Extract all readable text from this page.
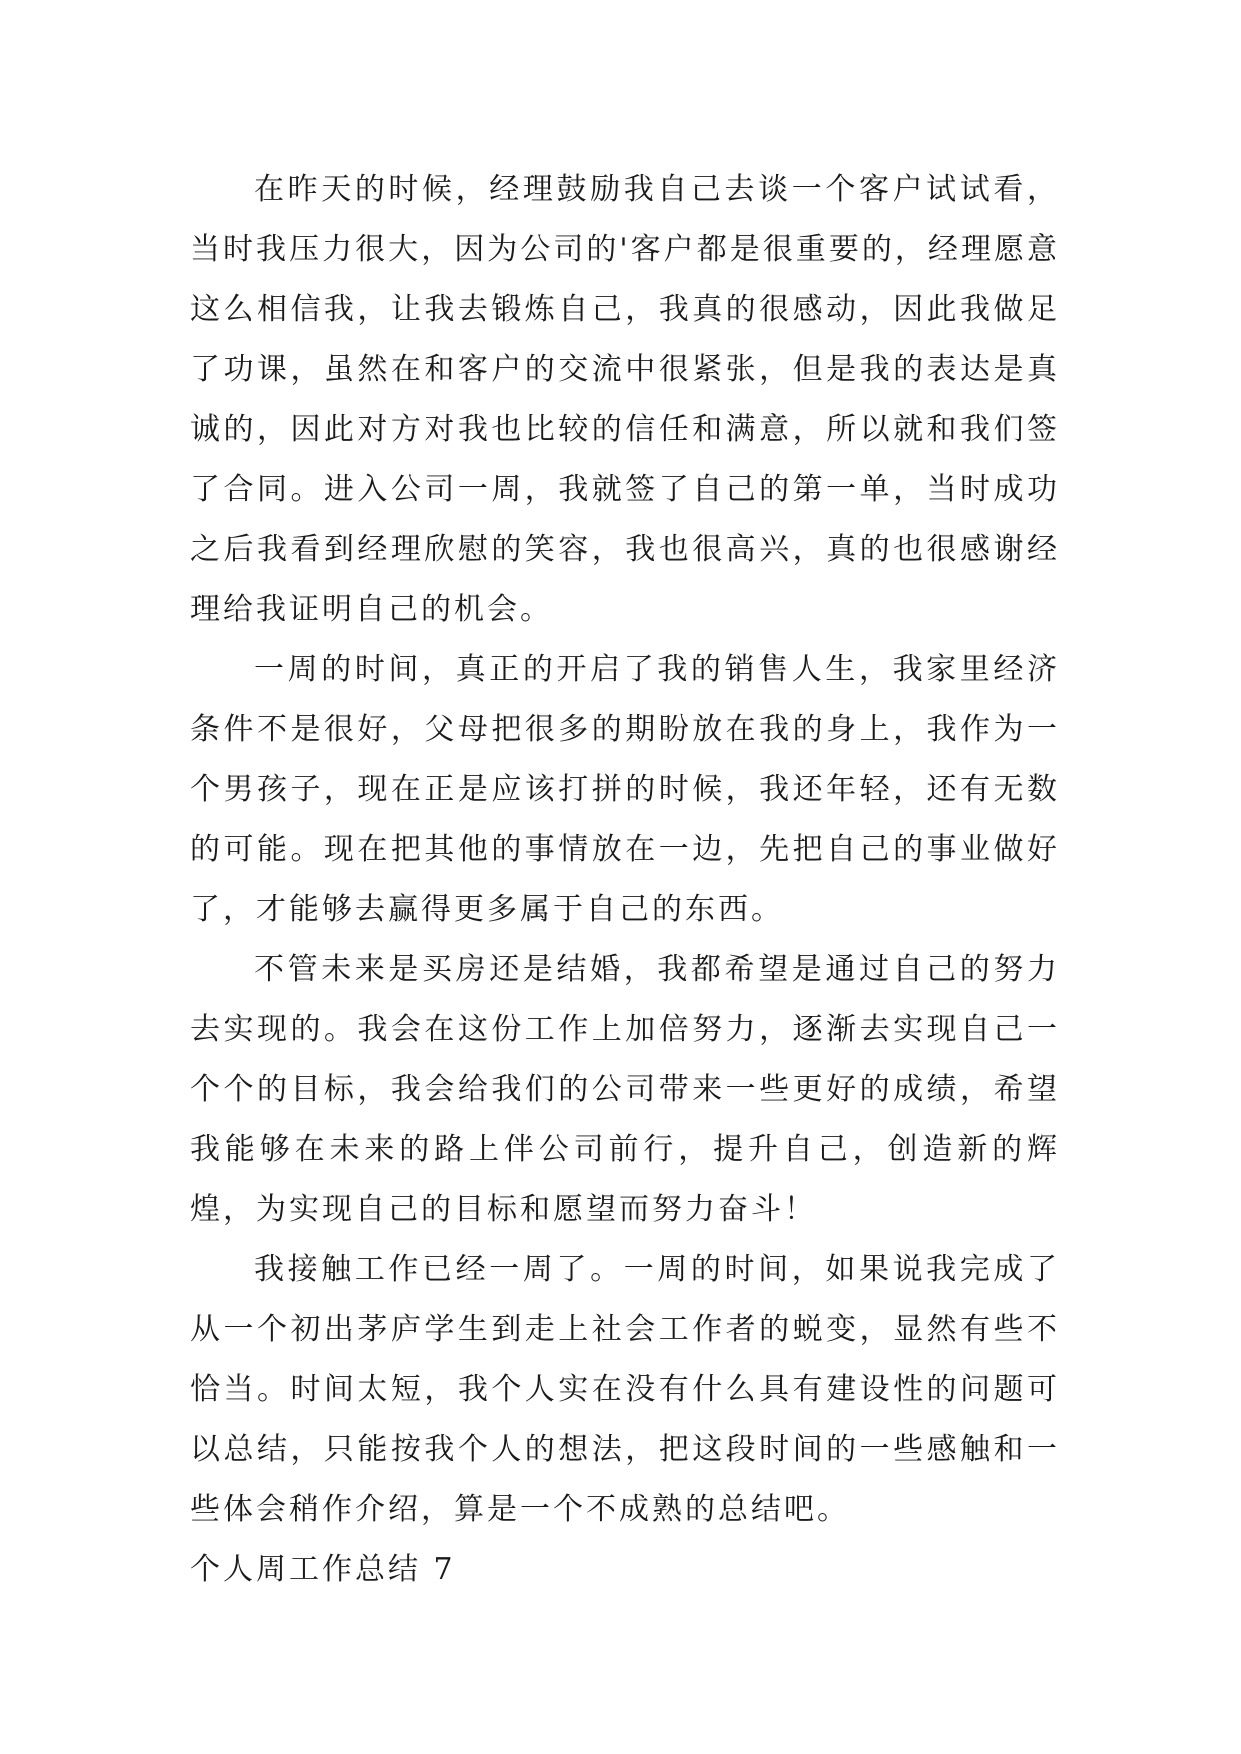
在昨天的时候，经理鼓励我自己去谈一个客户试试看，当时我压力很大，因为公司的'客户都是很重要的，经理愿意这么相信我，让我去锻炼自己，我真的很感动，因此我做足了功课，虽然在和客户的交流中很紧张，但是我的表达是真诚的，因此对方对我也比较的信任和满意，所以就和我们签了合同。进入公司一周，我就签了自己的第一单，当时成功之后我看到经理欣慰的笑容，我也很高兴，真的也很感谢经理给我证明自己的机会。

一周的时间，真正的开启了我的销售人生，我家里经济条件不是很好，父母把很多的期盼放在我的身上，我作为一个男孩子，现在正是应该打拼的时候，我还年轻，还有无数的可能。现在把其他的事情放在一边，先把自己的事业做好了，才能够去赢得更多属于自己的东西。

不管未来是买房还是结婚，我都希望是通过自己的努力去实现的。我会在这份工作上加倍努力，逐渐去实现自己一个个的目标，我会给我们的公司带来一些更好的成绩，希望我能够在未来的路上伴公司前行，提升自己，创造新的辉煌，为实现自己的目标和愿望而努力奋斗！

我接触工作已经一周了。一周的时间，如果说我完成了从一个初出茅庐学生到走上社会工作者的蜕变，显然有些不恰当。时间太短，我个人实在没有什么具有建设性的问题可以总结，只能按我个人的想法，把这段时间的一些感触和一些体会稍作介绍，算是一个不成熟的总结吧。

个人周工作总结 7
